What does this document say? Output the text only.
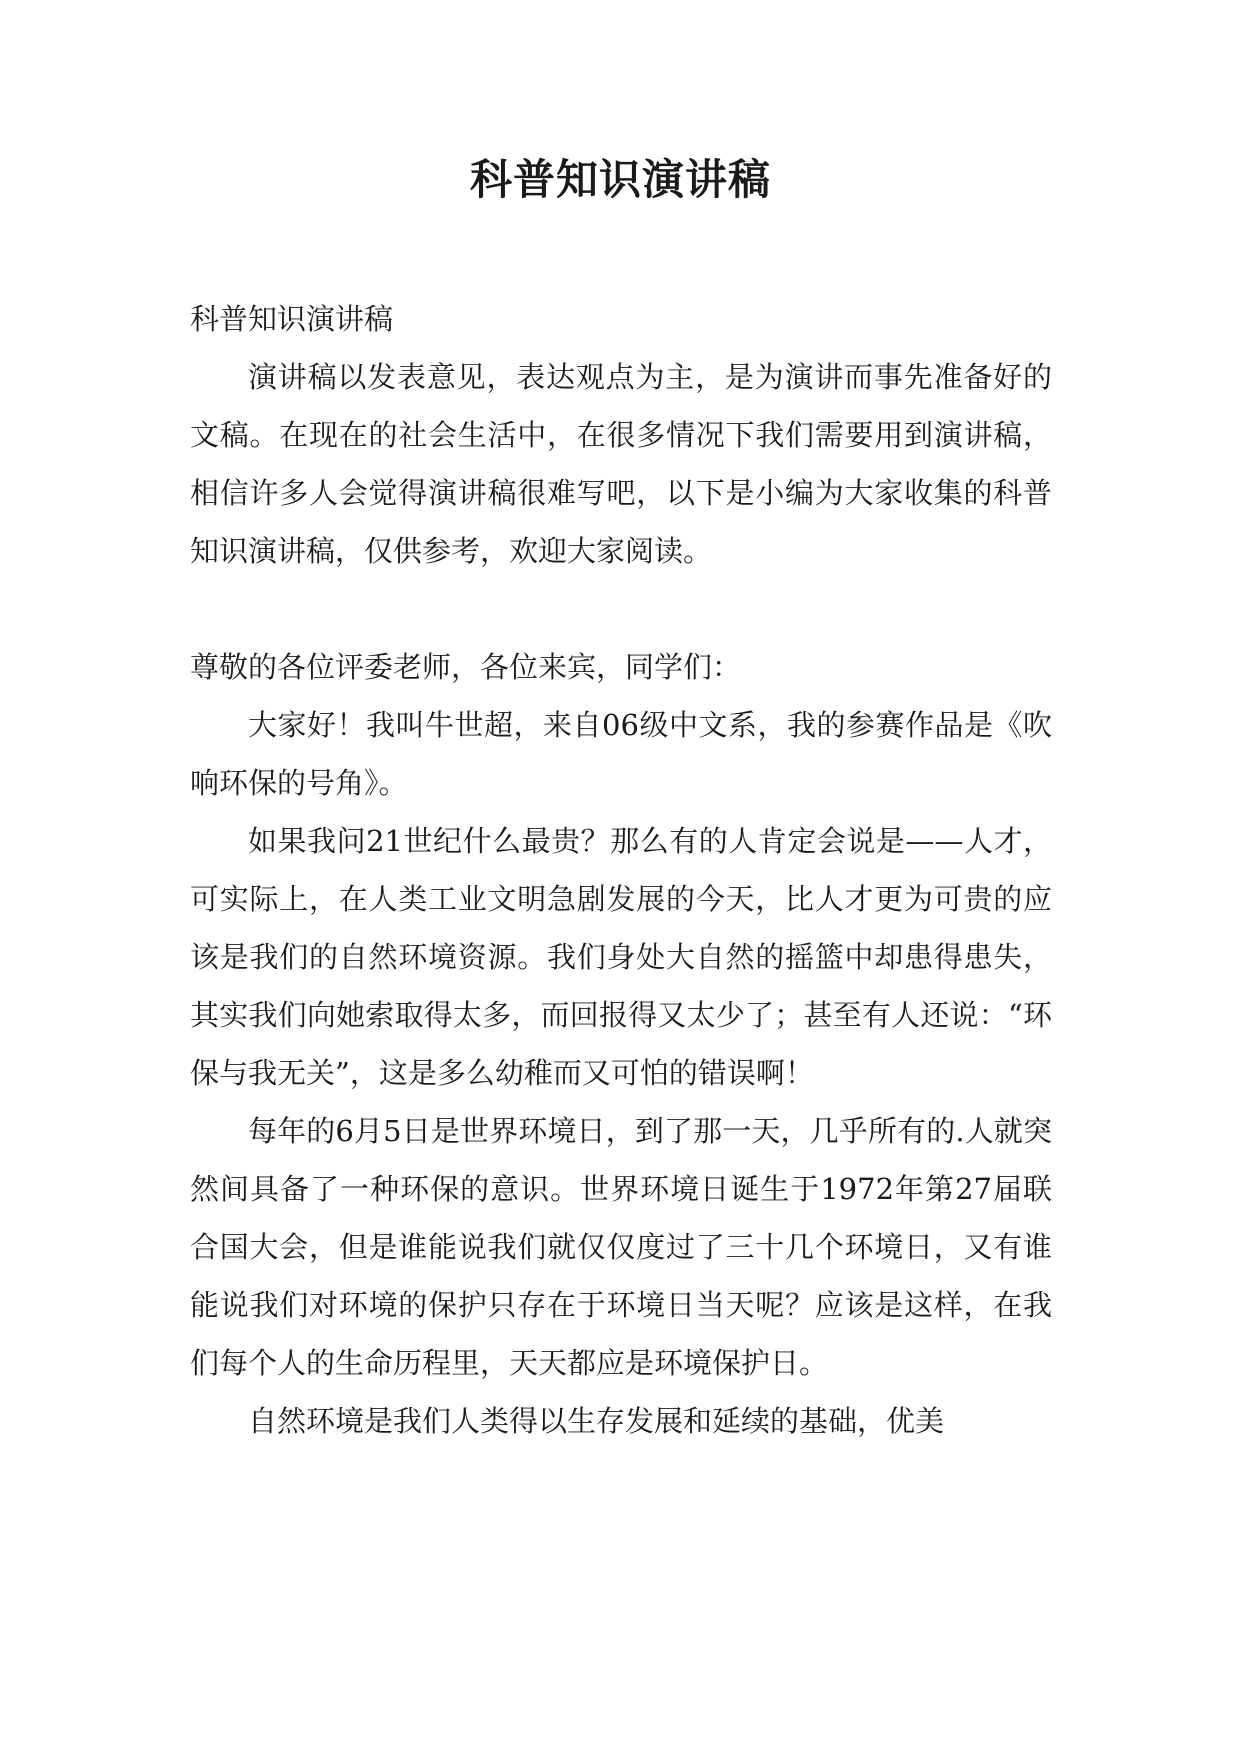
科普知识演讲稿

科普知识演讲稿

演讲稿以发表意见，表达观点为主，是为演讲而事先准备好的文稿。在现在的社会生活中，在很多情况下我们需要用到演讲稿，相信许多人会觉得演讲稿很难写吧，以下是小编为大家收集的科普知识演讲稿，仅供参考，欢迎大家阅读。

尊敬的各位评委老师，各位来宾，同学们：

大家好！我叫牛世超，来自06级中文系，我的参赛作品是《吹响环保的号角》。

如果我问21世纪什么最贵？那么有的人肯定会说是——人才，可实际上，在人类工业文明急剧发展的今天，比人才更为可贵的应该是我们的自然环境资源。我们身处大自然的摇篮中却患得患失，其实我们向她索取得太多，而回报得又太少了；甚至有人还说：“环保与我无关”，这是多么幼稚而又可怕的错误啊！

每年的6月5日是世界环境日，到了那一天，几乎所有的.人就突然间具备了一种环保的意识。世界环境日诞生于1972年第27届联合国大会，但是谁能说我们就仅仅度过了三十几个环境日，又有谁能说我们对环境的保护只存在于环境日当天呢？应该是这样，在我们每个人的生命历程里，天天都应是环境保护日。

自然环境是我们人类得以生存发展和延续的基础，优美
